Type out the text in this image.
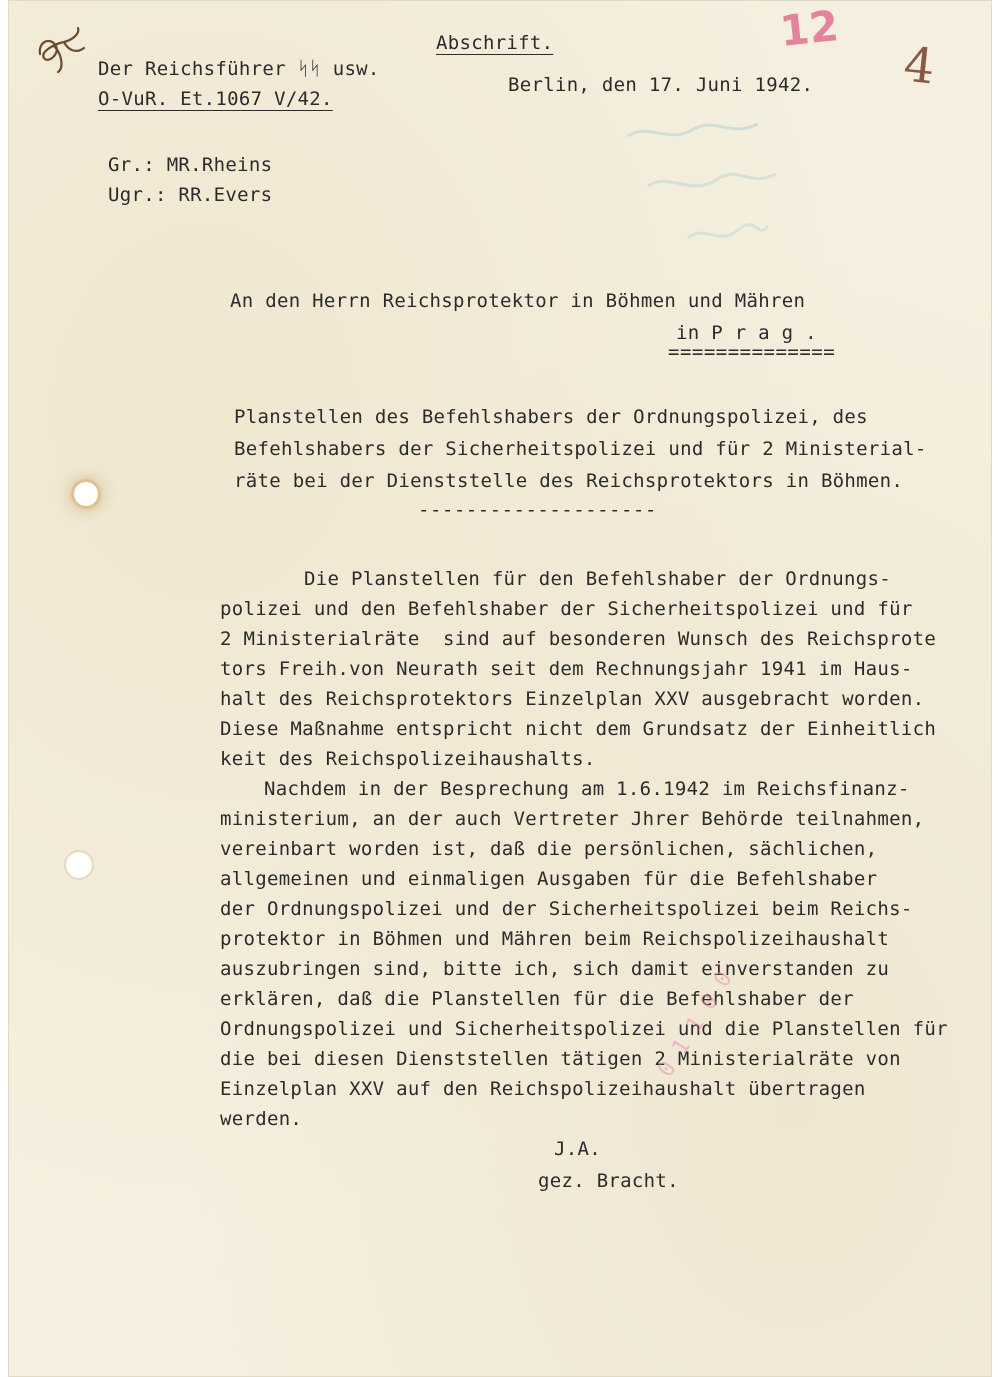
Abschrift.

Der Reichsführer ᛋᛋ usw.

Berlin, den 17. Juni 1942.

O-VuR. Et.1067 V/42.

Gr.: MR.Rheins

Ugr.: RR.Evers

12
4

An den Herrn Reichsprotektor in Böhmen und Mähren

in P r a g .

==============

Planstellen des Befehlshabers der Ordnungspolizei, des

Befehlshabers der Sicherheitspolizei und für 2 Ministerial-

räte bei der Dienststelle des Reichsprotektors in Böhmen.

--------------------

Die Planstellen für den Befehlshaber der Ordnungs-

polizei und den Befehlshaber der Sicherheitspolizei und für

2 Ministerialräte  sind auf besonderen Wunsch des Reichsprote

tors Freih.von Neurath seit dem Rechnungsjahr 1941 im Haus-

halt des Reichsprotektors Einzelplan XXV ausgebracht worden.

Diese Maßnahme entspricht nicht dem Grundsatz der Einheitlich

keit des Reichspolizeihaushalts.

Nachdem in der Besprechung am 1.6.1942 im Reichsfinanz-

ministerium, an der auch Vertreter Jhrer Behörde teilnahmen,

vereinbart worden ist, daß die persönlichen, sächlichen,

allgemeinen und einmaligen Ausgaben für die Befehlshaber

der Ordnungspolizei und der Sicherheitspolizei beim Reichs-

protektor in Böhmen und Mähren beim Reichspolizeihaushalt

auszubringen sind, bitte ich, sich damit einverstanden zu

erklären, daß die Planstellen für die Befehlshaber der

Ordnungspolizei und Sicherheitspolizei und die Planstellen für

die bei diesen Dienststellen tätigen 2 Ministerialräte von

Einzelplan XXV auf den Reichspolizeihaushalt übertragen

werden.

0 1 1 0 0

J.A.

gez. Bracht.
